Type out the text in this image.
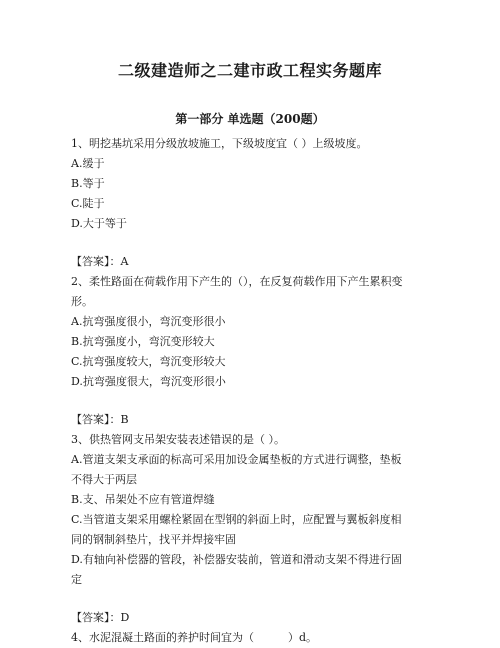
二级建造师之二建市政工程实务题库
第一部分 单选题（200题）

1、明挖基坑采用分级放坡施工，下级坡度宜（ ）上级坡度。

A.缓于

B.等于

C.陡于

D.大于等于

【答案】：A

2、柔性路面在荷载作用下产生的（），在反复荷载作用下产生累积变

形。

A.抗弯强度很小，弯沉变形很小

B.抗弯强度小，弯沉变形较大

C.抗弯强度较大，弯沉变形较大

D.抗弯强度很大，弯沉变形很小

【答案】：B

3、供热管网支吊架安装表述错误的是（ ）。

A.管道支架支承面的标高可采用加设金属垫板的方式进行调整，垫板

不得大于两层

B.支、吊架处不应有管道焊缝

C.当管道支架采用螺栓紧固在型钢的斜面上时，应配置与翼板斜度相

同的钢制斜垫片，找平并焊接牢固

D.有轴向补偿器的管段，补偿器安装前，管道和滑动支架不得进行固

定

【答案】：D

4、水泥混凝土路面的养护时间宜为（	）d。
